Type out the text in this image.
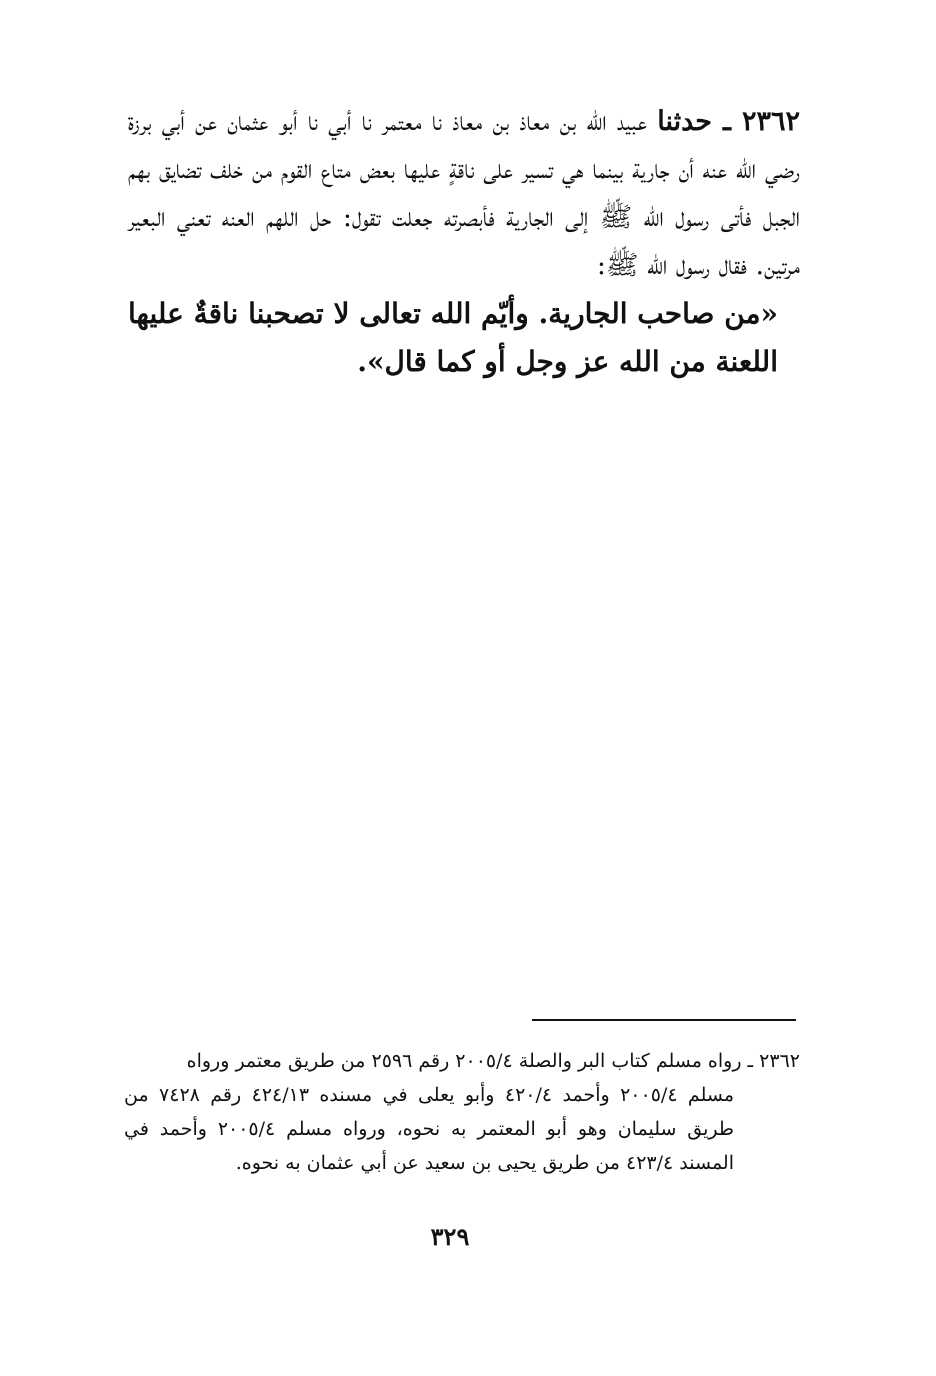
٢٣٦٢ ـ حدثنا عبيد الله بن معاذ بن معاذ نا معتمر نا أبي نا أبو عثمان عن أبي برزة رضي الله عنه أن جارية بينما هي تسير على ناقةٍ عليها بعض متاع القوم من خلف تضايق بهم الجبل فأتى رسول الله ﷺ إلى الجارية فأبصرته جعلت تقول: حل اللهم العنه تعني البعير مرتين. فقال رسول الله ﷺ:

«من صاحب الجارية. وأيّم الله تعالى لا تصحبنا ناقةٌ عليها اللعنة من الله عز وجل أو كما قال».

٢٣٦٢ ـ رواه مسلم كتاب البر والصلة ٢٠٠٥/٤ رقم ٢٥٩٦ من طريق معتمر ورواه

مسلم ٢٠٠٥/٤ وأحمد ٤٢٠/٤ وأبو يعلى في مسنده ٤٢٤/١٣ رقم ٧٤٢٨ من طريق سليمان وهو أبو المعتمر به نحوه، ورواه مسلم ٢٠٠٥/٤ وأحمد في المسند ٤٢٣/٤ من طريق يحيى بن سعيد عن أبي عثمان به نحوه.

٣٢٩
